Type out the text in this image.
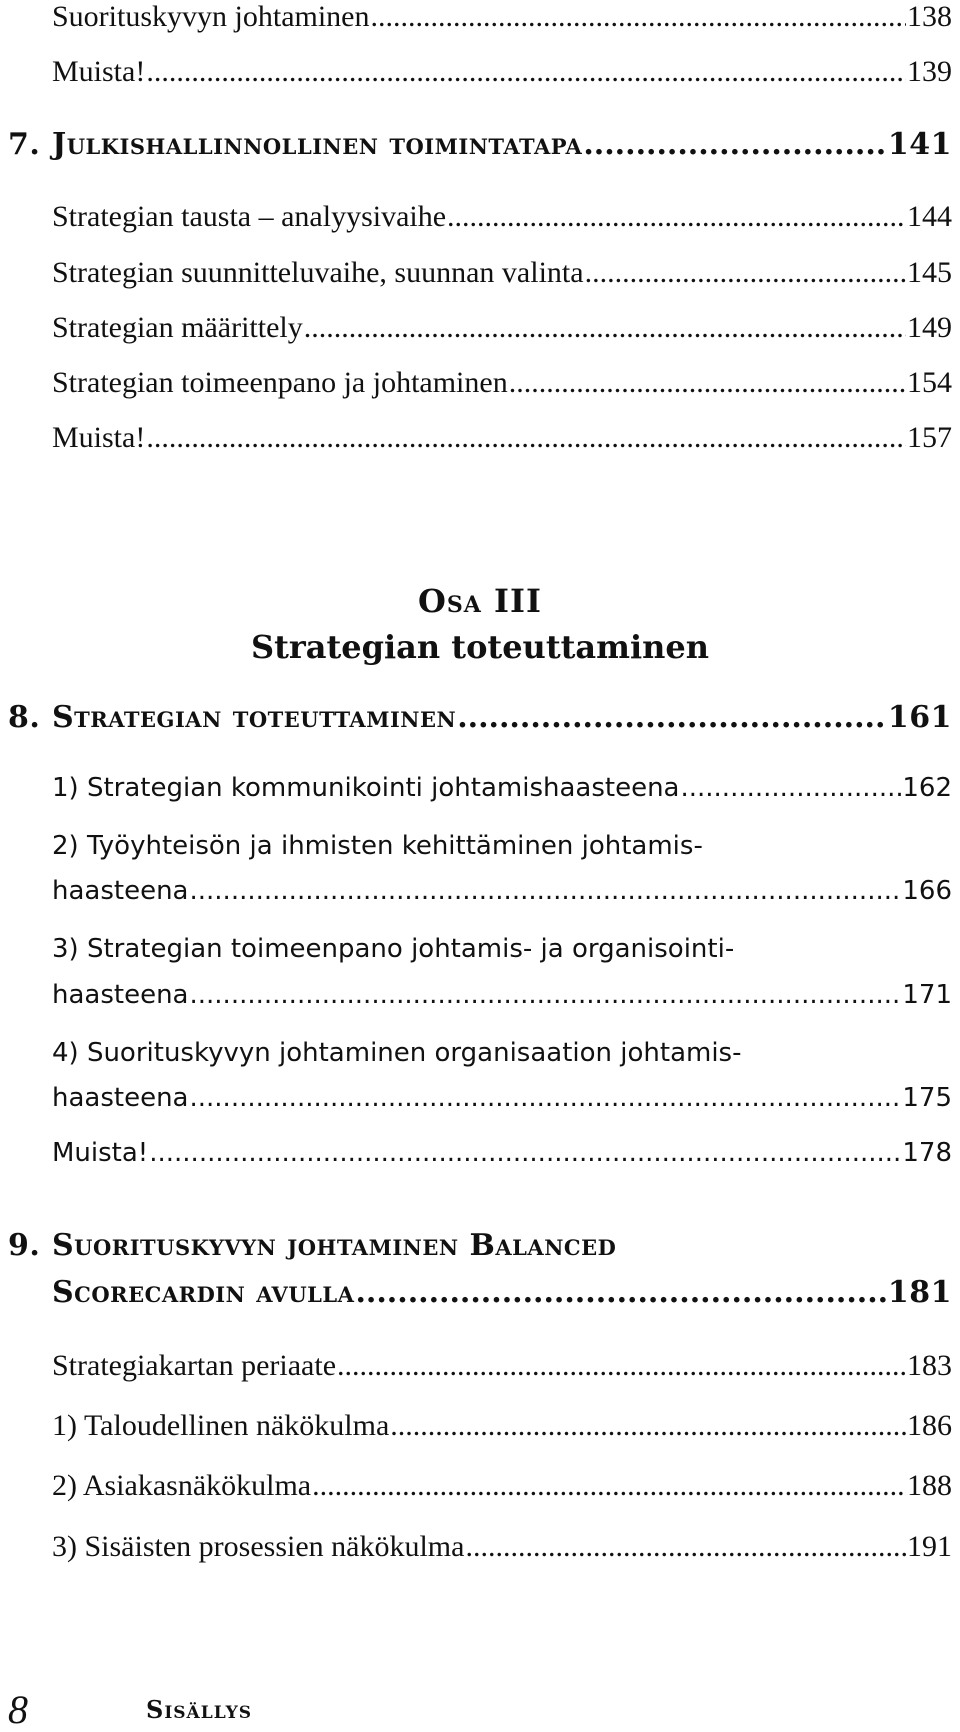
Suorituskyvyn johtaminen .....	138
Muista! .....	139
7. Julkishallinnollinen toimintatapa .....	141
Strategian tausta – analyysivaihe .....	144
Strategian suunnitteluvaihe, suunnan valinta .....	145
Strategian määrittely .....	149
Strategian toimeenpano ja johtaminen .....	154
Muista! .....	157
Osa III
Strategian toteuttaminen
8. Strategian toteuttaminen .....	161
1) Strategian kommunikointi johtamishaasteena .....	162
2) Työyhteisön ja ihmisten kehittäminen johtamis-
haasteena .....	166
3) Strategian toimeenpano johtamis- ja organisointi-
haasteena .....	171
4) Suorituskyvyn johtaminen organisaation johtamis-
haasteena .....	175
Muista! .....	178
9. Suorituskyvyn johtaminen Balanced
Scorecardin avulla .....	181
Strategiakartan periaate .....	183
1) Taloudellinen näkökulma .....	186
2) Asiakasnäkökulma .....	188
3) Sisäisten prosessien näkökulma .....	191
8	Sisällys
